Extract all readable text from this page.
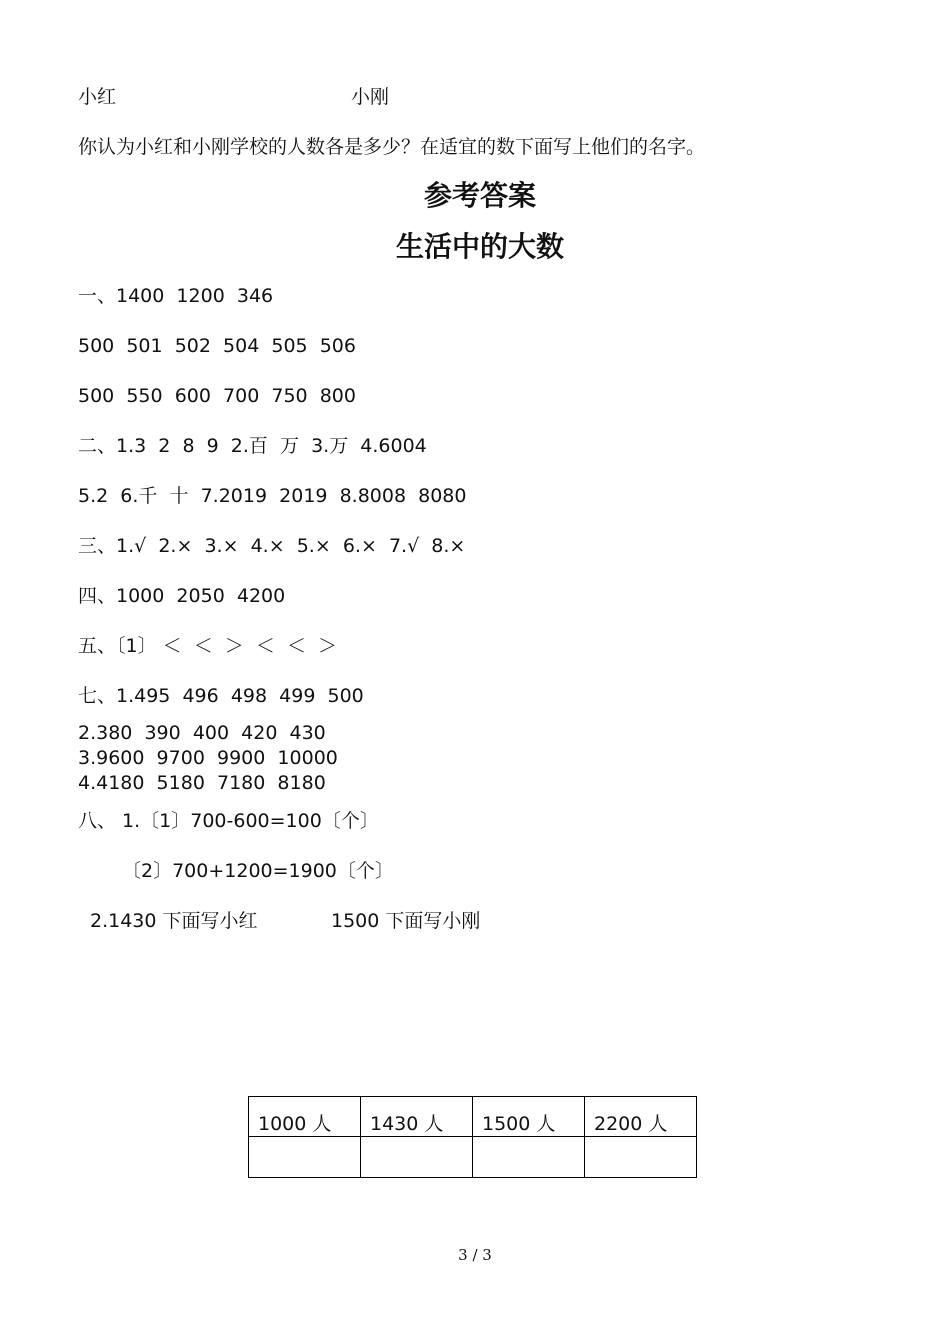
小红	小刚
你认为小红和小刚学校的人数各是多少？在适宜的数下面写上他们的名字。
参考答案
生活中的大数
一、1400  1200  346
500  501  502  504  505  506
500  550  600  700  750  800
二、1.3  2  8  9  2.百  万  3.万  4.6004
5.2  6.千  十  7.2019  2019  8.8008  8080
三、1.√  2.×  3.×  4.×  5.×  6.×  7.√  8.×
四、1000  2050  4200
五、〔1〕 ＜  ＜  ＞  ＜  ＜  ＞
七、1.495  496  498  499  500
2.380  390  400  420  430
3.9600  9700  9900  10000
4.4180  5180  7180  8180
八、 1.〔1〕700-600=100〔个〕
〔2〕700+1200=1900〔个〕
2.1430 下面写小红	1500 下面写小刚
1000 人	1430 人	1500 人	2200 人

3 / 3
